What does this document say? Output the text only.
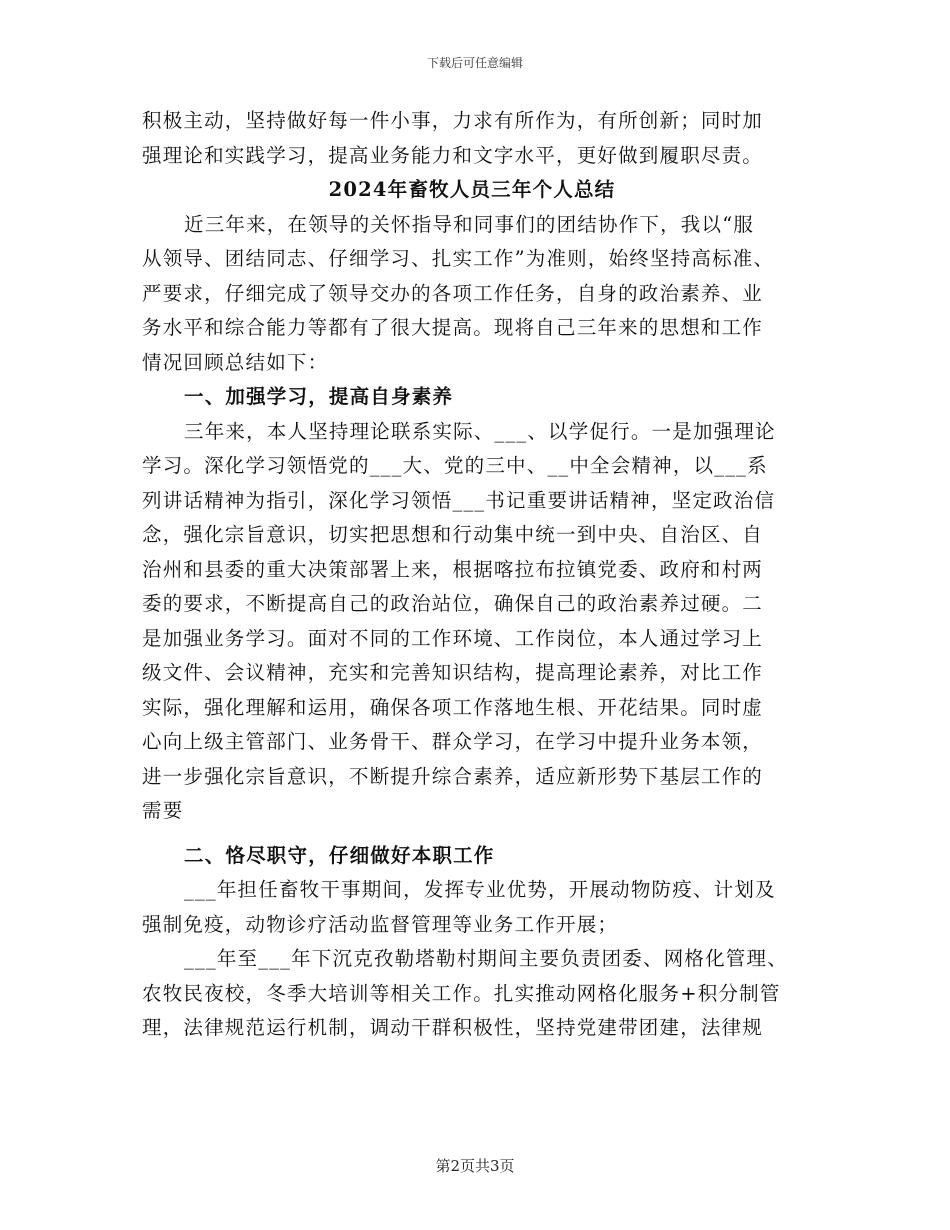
下载后可任意编辑
积极主动，坚持做好每一件小事，力求有所作为，有所创新；同时加
强理论和实践学习，提高业务能力和文字水平，更好做到履职尽责。
2024年畜牧人员三年个人总结
近三年来，在领导的关怀指导和同事们的团结协作下，我以“服
从领导、团结同志、仔细学习、扎实工作”为准则，始终坚持高标准、
严要求，仔细完成了领导交办的各项工作任务，自身的政治素养、业
务水平和综合能力等都有了很大提高。现将自己三年来的思想和工作
情况回顾总结如下：
一、加强学习，提高自身素养
三年来，本人坚持理论联系实际、___、以学促行。一是加强理论
学习。深化学习领悟党的___大、党的三中、__中全会精神，以___系
列讲话精神为指引，深化学习领悟___书记重要讲话精神，坚定政治信
念，强化宗旨意识，切实把思想和行动集中统一到中央、自治区、自
治州和县委的重大决策部署上来，根据喀拉布拉镇党委、政府和村两
委的要求，不断提高自己的政治站位，确保自己的政治素养过硬。二
是加强业务学习。面对不同的工作环境、工作岗位，本人通过学习上
级文件、会议精神，充实和完善知识结构，提高理论素养，对比工作
实际，强化理解和运用，确保各项工作落地生根、开花结果。同时虚
心向上级主管部门、业务骨干、群众学习，在学习中提升业务本领，
进一步强化宗旨意识，不断提升综合素养，适应新形势下基层工作的
需要
二、恪尽职守，仔细做好本职工作
___年担任畜牧干事期间，发挥专业优势，开展动物防疫、计划及
强制免疫，动物诊疗活动监督管理等业务工作开展；
___年至___年下沉克孜勒塔勒村期间主要负责团委、网格化管理、
农牧民夜校，冬季大培训等相关工作。扎实推动网格化服务+积分制管
理，法律规范运行机制，调动干群积极性，坚持党建带团建，法律规
第2页共3页
